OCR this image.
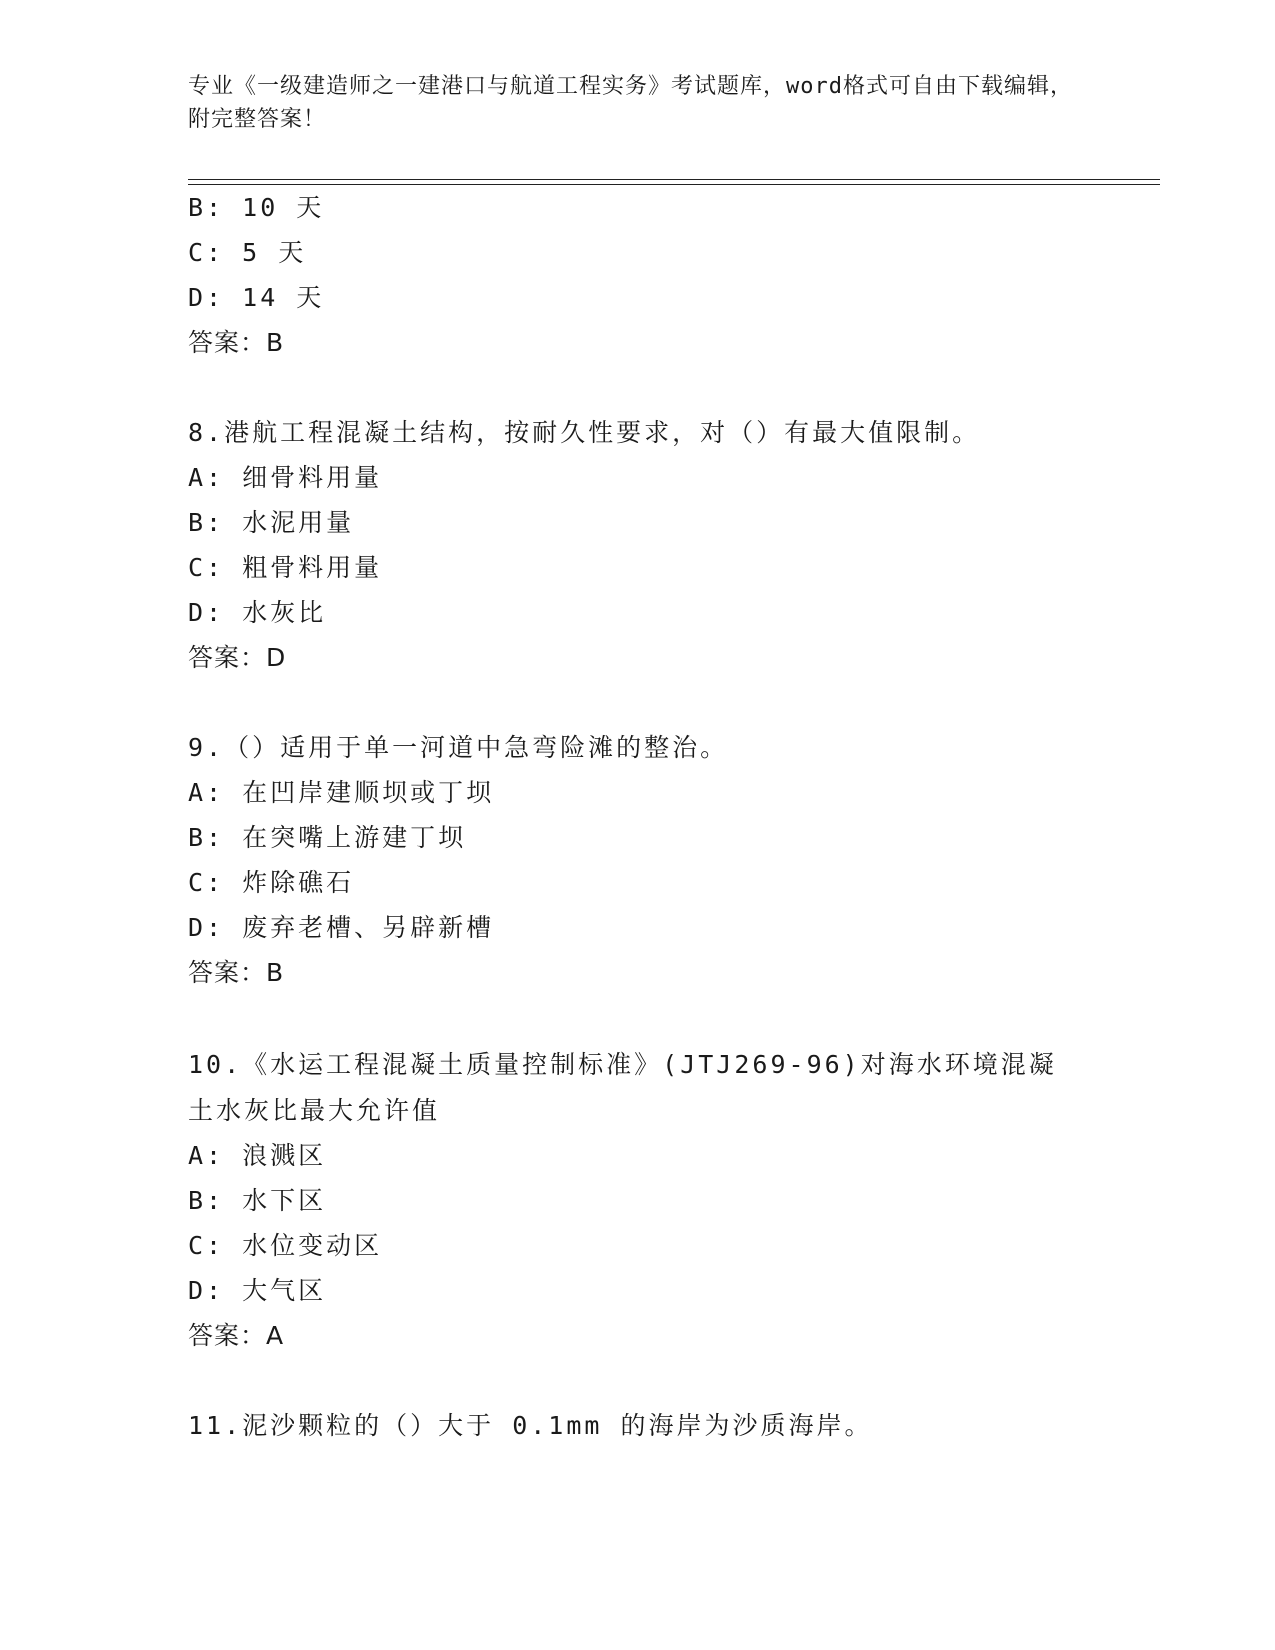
专业《一级建造师之一建港口与航道工程实务》考试题库，word格式可自由下载编辑，附完整答案！
B: 10 天
C: 5 天
D: 14 天
答案：B
8.港航工程混凝土结构，按耐久性要求，对（）有最大值限制。
A: 细骨料用量
B: 水泥用量
C: 粗骨料用量
D: 水灰比
答案：D
9.（）适用于单一河道中急弯险滩的整治。
A: 在凹岸建顺坝或丁坝
B: 在突嘴上游建丁坝
C: 炸除礁石
D: 废弃老槽、另辟新槽
答案：B
10.《水运工程混凝土质量控制标准》(JTJ269-96)对海水环境混凝土水灰比最大允许值
A: 浪溅区
B: 水下区
C: 水位变动区
D: 大气区
答案：A
11.泥沙颗粒的（）大于 0.1mm 的海岸为沙质海岸。
